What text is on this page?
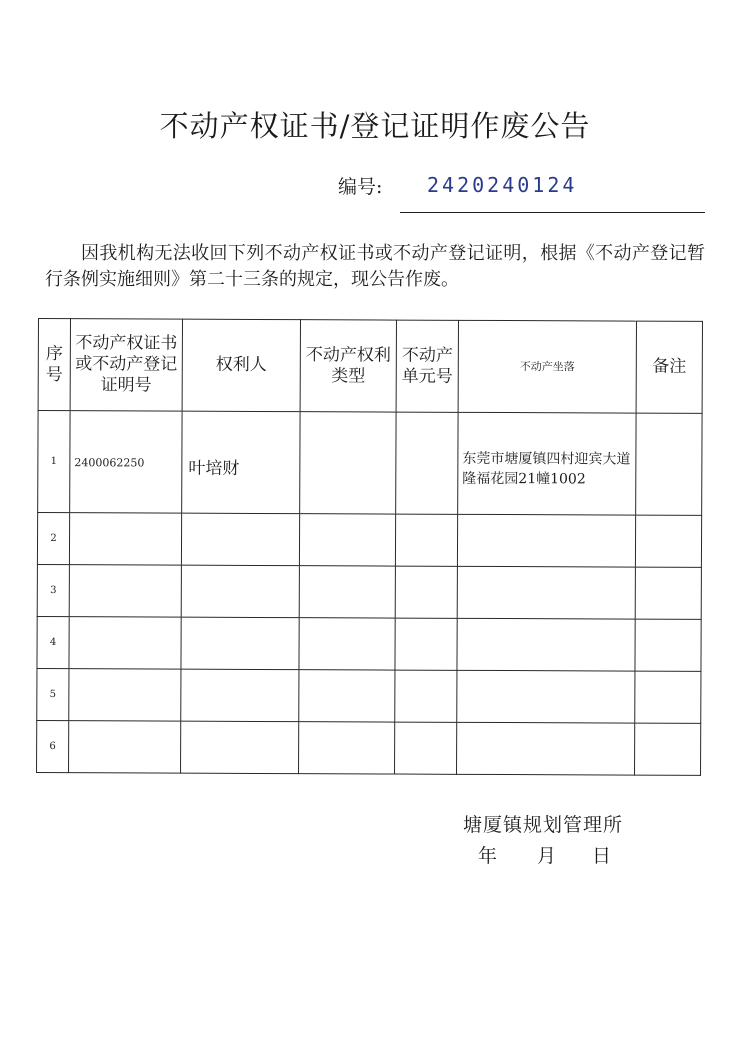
不动产权证书/登记证明作废公告
编号: 2420240124
因我机构无法收回下列不动产权证书或不动产登记证明，根据《不动产登记暂行条例实施细则》第二十三条的规定，现公告作废。
序号	不动产权证书或不动产登记证明号	权利人	不动产权利类型	不动产单元号	不动产坐落	备注
1	2400062250	叶培财			东莞市塘厦镇四村迎宾大道隆福花园21幢1002	
2						
3						
4						
5						
6						
塘厦镇规划管理所
年 月 日
